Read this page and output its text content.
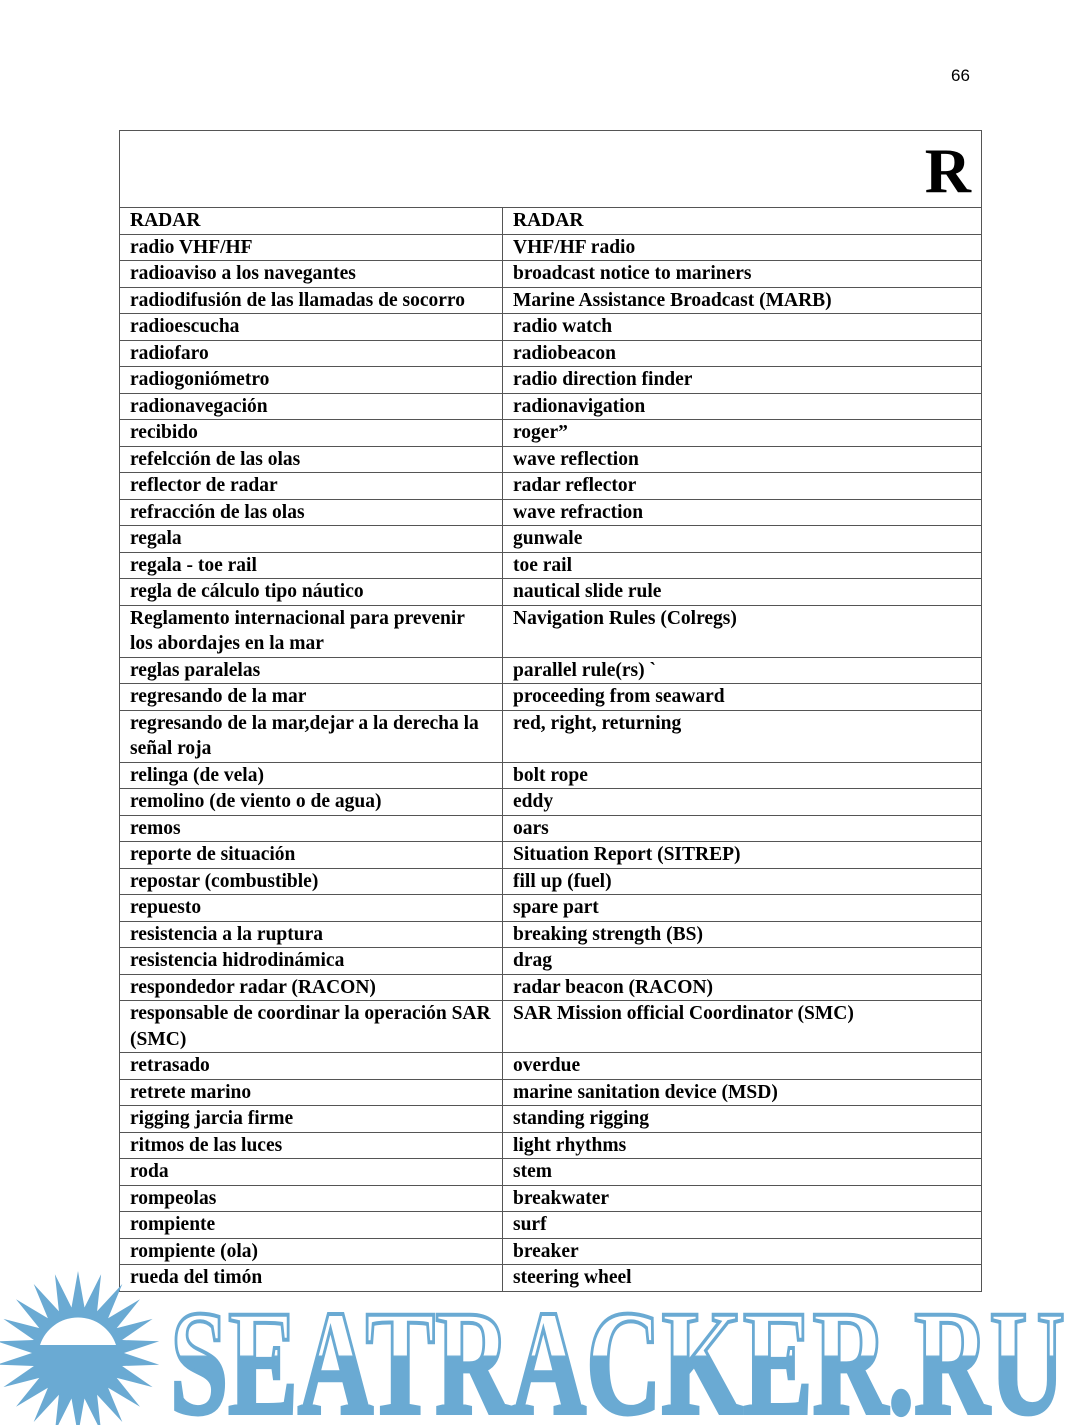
66
R	
RADAR	RADAR
radio VHF/HF	VHF/HF radio
radioaviso a los navegantes	broadcast notice to mariners
radiodifusión de las llamadas de socorro	Marine Assistance Broadcast (MARB)
radioescucha	radio watch
radiofaro	radiobeacon
radiogoniómetro	radio direction finder
radionavegación	radionavigation
recibido	roger”
refelcción de las olas	wave reflection
reflector de radar	radar reflector
refracción de las olas	wave refraction
regala	gunwale
regala - toe rail	toe rail
regla de cálculo tipo náutico	nautical slide rule
Reglamento internacional para prevenir los abordajes en la mar	Navigation Rules (Colregs)
reglas paralelas	parallel rule(rs) `
regresando de la mar	proceeding from seaward
regresando de la mar,dejar a la derecha la señal roja	red, right, returning
relinga (de vela)	bolt rope
remolino (de viento o de agua)	eddy
remos	oars
reporte de situación	Situation Report (SITREP)
repostar (combustible)	fill up (fuel)
repuesto	spare part
resistencia a la ruptura	breaking strength (BS)
resistencia hidrodinámica	drag
respondedor radar (RACON)	radar beacon (RACON)
responsable de coordinar la operación SAR (SMC)	SAR Mission official Coordinator (SMC)
retrasado	overdue
retrete marino	marine sanitation device (MSD)
rigging jarcia firme	standing rigging
ritmos de las luces	light rhythms
roda	stem
rompeolas	breakwater
rompiente	surf
rompiente (ola)	breaker
rueda del timón	steering wheel
SEATRACKER.RU
